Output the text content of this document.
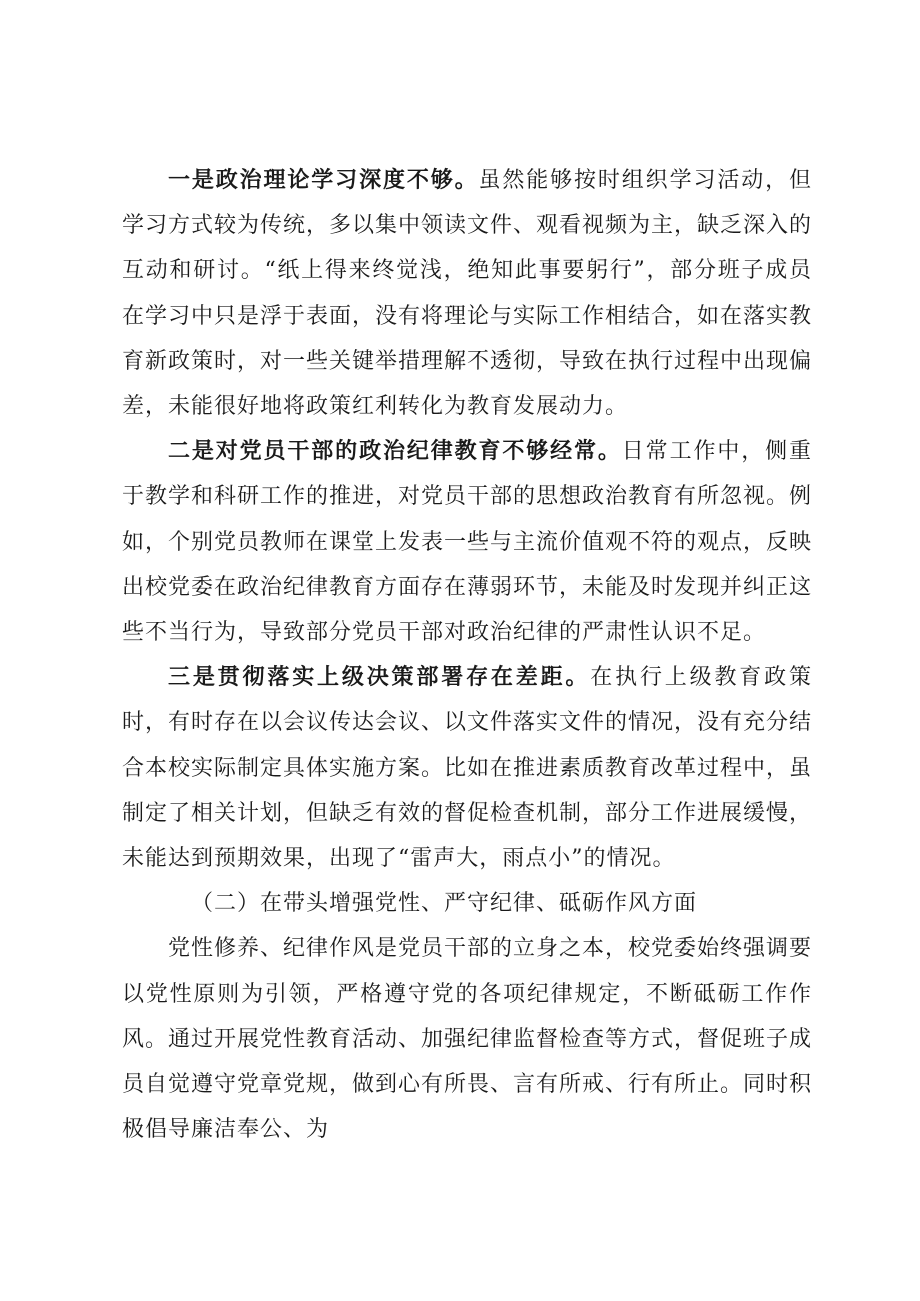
一是政治理论学习深度不够。虽然能够按时组织学习活动，但学习方式较为传统，多以集中领读文件、观看视频为主，缺乏深入的互动和研讨。“纸上得来终觉浅，绝知此事要躬行”，部分班子成员在学习中只是浮于表面，没有将理论与实际工作相结合，如在落实教育新政策时，对一些关键举措理解不透彻，导致在执行过程中出现偏差，未能很好地将政策红利转化为教育发展动力。

二是对党员干部的政治纪律教育不够经常。日常工作中，侧重于教学和科研工作的推进，对党员干部的思想政治教育有所忽视。例如，个别党员教师在课堂上发表一些与主流价值观不符的观点，反映出校党委在政治纪律教育方面存在薄弱环节，未能及时发现并纠正这些不当行为，导致部分党员干部对政治纪律的严肃性认识不足。

三是贯彻落实上级决策部署存在差距。在执行上级教育政策时，有时存在以会议传达会议、以文件落实文件的情况，没有充分结合本校实际制定具体实施方案。比如在推进素质教育改革过程中，虽制定了相关计划，但缺乏有效的督促检查机制，部分工作进展缓慢，未能达到预期效果，出现了“雷声大，雨点小”的情况。

（二）在带头增强党性、严守纪律、砥砺作风方面

党性修养、纪律作风是党员干部的立身之本，校党委始终强调要以党性原则为引领，严格遵守党的各项纪律规定，不断砥砺工作作风。通过开展党性教育活动、加强纪律监督检查等方式，督促班子成员自觉遵守党章党规，做到心有所畏、言有所戒、行有所止。同时积极倡导廉洁奉公、为
